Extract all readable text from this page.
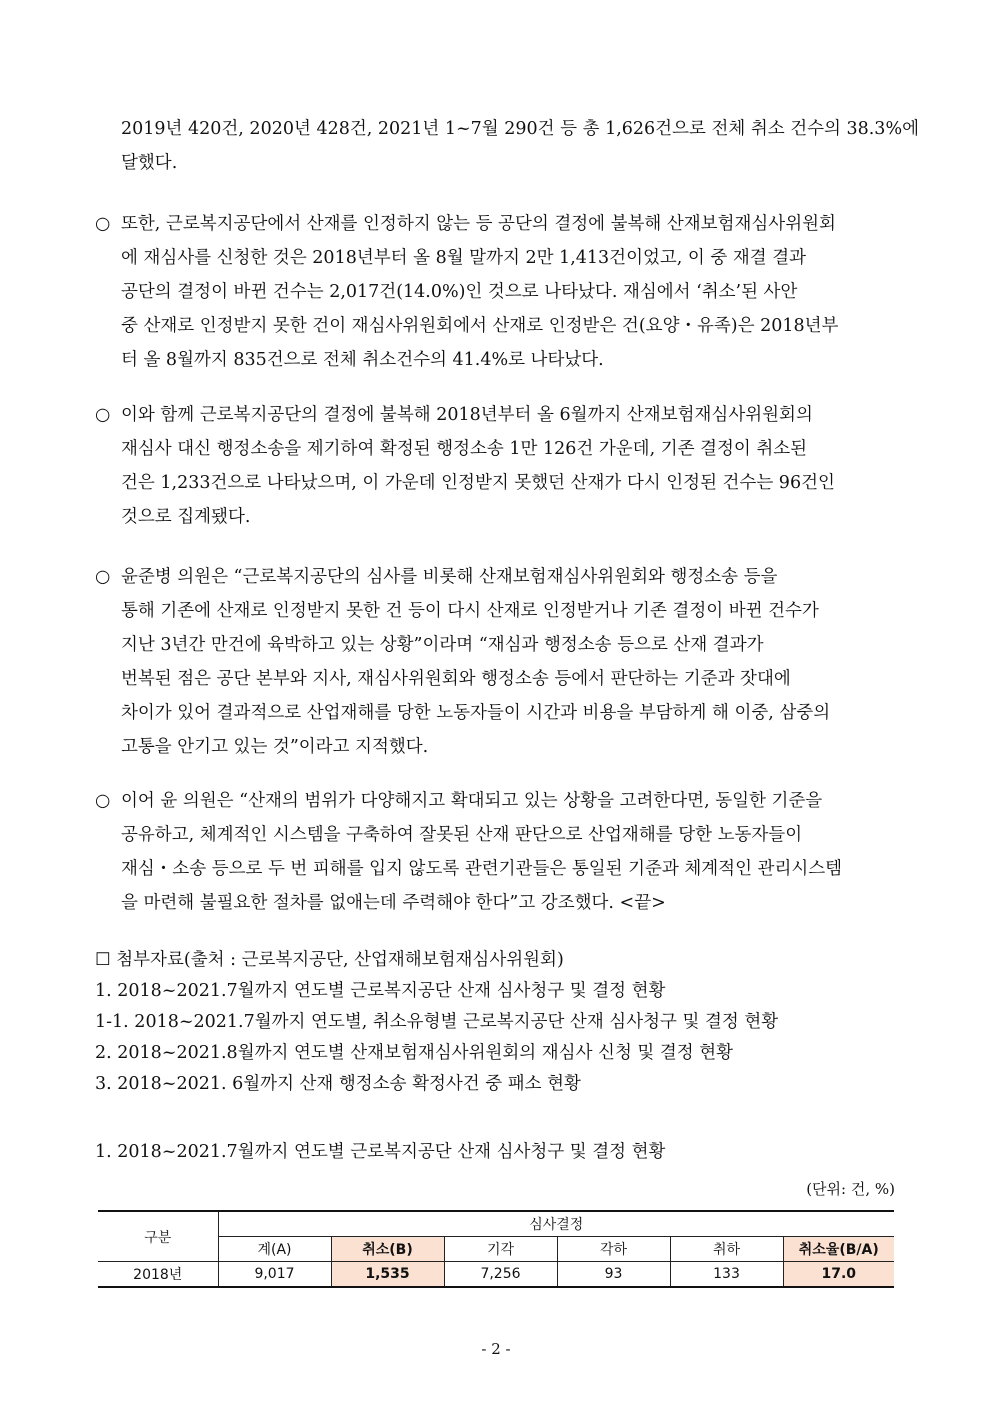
2019년 420건, 2020년 428건, 2021년 1~7월 290건 등 총 1,626건으로 전체 취소 건수의 38.3%에
달했다.
○ 또한, 근로복지공단에서 산재를 인정하지 않는 등 공단의 결정에 불복해 산재보험재심사위원회
에 재심사를 신청한 것은 2018년부터 올 8월 말까지 2만 1,413건이었고, 이 중 재결 결과
공단의 결정이 바뀐 건수는 2,017건(14.0%)인 것으로 나타났다. 재심에서 ‘취소’된 사안
중 산재로 인정받지 못한 건이 재심사위원회에서 산재로 인정받은 건(요양・유족)은 2018년부
터 올 8월까지 835건으로 전체 취소건수의 41.4%로 나타났다.
○ 이와 함께 근로복지공단의 결정에 불복해 2018년부터 올 6월까지 산재보험재심사위원회의
재심사 대신 행정소송을 제기하여 확정된 행정소송 1만 126건 가운데, 기존 결정이 취소된
건은 1,233건으로 나타났으며, 이 가운데 인정받지 못했던 산재가 다시 인정된 건수는 96건인
것으로 집계됐다.
○ 윤준병 의원은 “근로복지공단의 심사를 비롯해 산재보험재심사위원회와 행정소송 등을
통해 기존에 산재로 인정받지 못한 건 등이 다시 산재로 인정받거나 기존 결정이 바뀐 건수가
지난 3년간 만건에 육박하고 있는 상황”이라며 “재심과 행정소송 등으로 산재 결과가
번복된 점은 공단 본부와 지사, 재심사위원회와 행정소송 등에서 판단하는 기준과 잣대에
차이가 있어 결과적으로 산업재해를 당한 노동자들이 시간과 비용을 부담하게 해 이중, 삼중의
고통을 안기고 있는 것”이라고 지적했다.
○ 이어 윤 의원은 “산재의 범위가 다양해지고 확대되고 있는 상황을 고려한다면, 동일한 기준을
공유하고, 체계적인 시스템을 구축하여 잘못된 산재 판단으로 산업재해를 당한 노동자들이
재심・소송 등으로 두 번 피해를 입지 않도록 관련기관들은 통일된 기준과 체계적인 관리시스템
을 마련해 불필요한 절차를 없애는데 주력해야 한다”고 강조했다. <끝>
☐ 첨부자료(출처 : 근로복지공단, 산업재해보험재심사위원회)
1. 2018~2021.7월까지 연도별 근로복지공단 산재 심사청구 및 결정 현황
1-1. 2018~2021.7월까지 연도별, 취소유형별 근로복지공단 산재 심사청구 및 결정 현황
2. 2018~2021.8월까지 연도별 산재보험재심사위원회의 재심사 신청 및 결정 현황
3. 2018~2021. 6월까지 산재 행정소송 확정사건 중 패소 현황
1. 2018~2021.7월까지 연도별 근로복지공단 산재 심사청구 및 결정 현황
(단위: 건, %)
구분	심사결정					
	계(A)	취소(B)	기각	각하	취하	취소율(B/A)
2018년	9,017	1,535	7,256	93	133	17.0
- 2 -
